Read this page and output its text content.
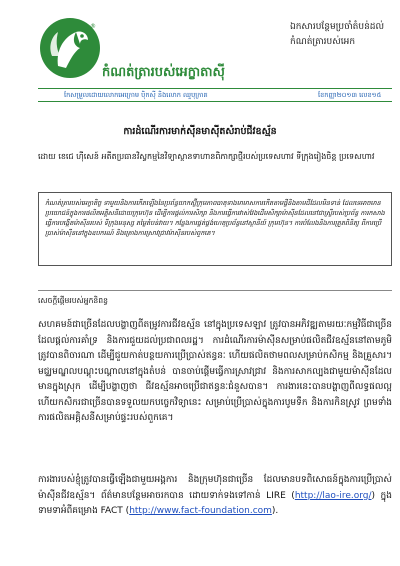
®
កំណត់ត្រារបស់អេក្ខាតាស៊ី
ឯកសារបន្ថែមប្រចាំតំបន់ដល់កំណត់ត្រារបស់អេក
កែសម្រួលដោយលោកអេក្រោម ប៉ិកស៊ី និងលោក ឈួបុក្រាគ	ខែកញ្ញា២០១៣ លេខ១៥
ការដំណើរការមាក់ស៊ីនមាស៊ីតសំរាប់ជីវឧស្ម័ន
ដោយ ខេជេ ហ៊ីសេន៍ អតីតប្រធានវិស្វកម្មនៃវិទ្យាស្ថានទាហានពិភាក្សាថ្មីរបស់ប្រទេសហាវ ទីក្រុងរៀងចិន្ត ប្រទេសហាវ
កំណត់ត្រារបស់អេក្ខាតិច្ច ​ទាមួយនិងការកើតឡើងនៃប្រព័ន្ធយាកស្ទ៊ីក្រុមភាពធាតុទាងមាមាសការកើតតាមផ្ទីនិងតាមដីដែលមិនទាន់ ដែលទេអាចមានប្រយោជន៍ក្នុងការផលិតអគ្គិសនីដោយក្រុមហ៊ុន ដើម្បីការផ្តល់ការសិក្សា និងការធ្វើការវាស់វែងដើមសិក្សាម៉ាស៊ីនដែលនៅជាស្ទ្រីរបស់ប្រព័ន្ធ ការកសាងធ្វើការបង្កើតម៉ាស៊ីនរបស់ ទីក្រុងមនុស្ស តម្លៃតំបន់វាយ។ កន្លែងការផ្គត់ផ្គង់ហេតុប្រព័ន្ធនៅស្ថានីយ៍ ក្រុមហ៊ុន។ ការបំលែងនិងការត្រួតពិនិត្យ ពីការប្រើប្រាស់ម៉ាស៊ីននៅក្នុងឧបករណ៍ និងគ្រោងការស្រាវជ្រាវម៉ាស៊ីនរបស់ពួកគេ។
សេចក្តីផ្តើមរបស់អ្នកនិពន្ធ
សហគមន៍ជាច្រើនដែលបង្ហាញពីតម្រូវការជីវឧស្ម័ន នៅក្នុងប្រទេសឡាវ ត្រូវបានអភិវឌ្ឍតាមរយៈកម្មវិធីជាច្រើន ដែលផ្តល់ការគាំទ្រ និងការជួយដល់ប្រជាពលរដ្ឋ។ ការដំណើរការម៉ាស៊ីនសម្រាប់ផលិតជីវឧស្ម័ននៅតាមភូមិ ត្រូវបានពិចារណា ដើម្បីជួយកាត់បន្ថយការប្រើប្រាស់ឥន្ធនៈ ហើយផលិតថាមពលសម្រាប់កសិកម្ម និងគ្រួសារ។ មជ្ឈមណ្ឌលបណ្តុះបណ្តាលនៅក្នុងតំបន់ បានចាប់ផ្តើមធ្វើការស្រាវជ្រាវ និងការសាកល្បងជាមួយម៉ាស៊ីនដែលមានក្នុងស្រុក ដើម្បីបង្ហាញថា ជីវឧស្ម័នអាចប្រើជាឥន្ធនៈជំនួសបាន។ ការងារនេះបានបង្ហាញពីលទ្ធផលល្អ ហើយកសិករជាច្រើនបានទទួលយកបច្ចេកវិទ្យានេះ សម្រាប់ប្រើប្រាស់ក្នុងការបូមទឹក និងការកិនស្រូវ ព្រមទាំងការផលិតអគ្គិសនីសម្រាប់ផ្ទះរបស់ពួកគេ។
ការងារបស់ខ្ញុំត្រូវបានធ្វើឡើងជាមួយអង្គការ និងក្រុមហ៊ុនជាច្រើន ដែលមានបទពិសោធន៍ក្នុងការប្រើប្រាស់ម៉ាស៊ីនជីវឧស្ម័ន។ ព័ត៌មានបន្ថែមអាចរកបាន ដោយទាក់ទងទៅកាន់ LIRE (http://lao-ire.org/) ក្នុងទាមទាអំពីគម្រោង FACT (http://www.fact-foundation.com).
